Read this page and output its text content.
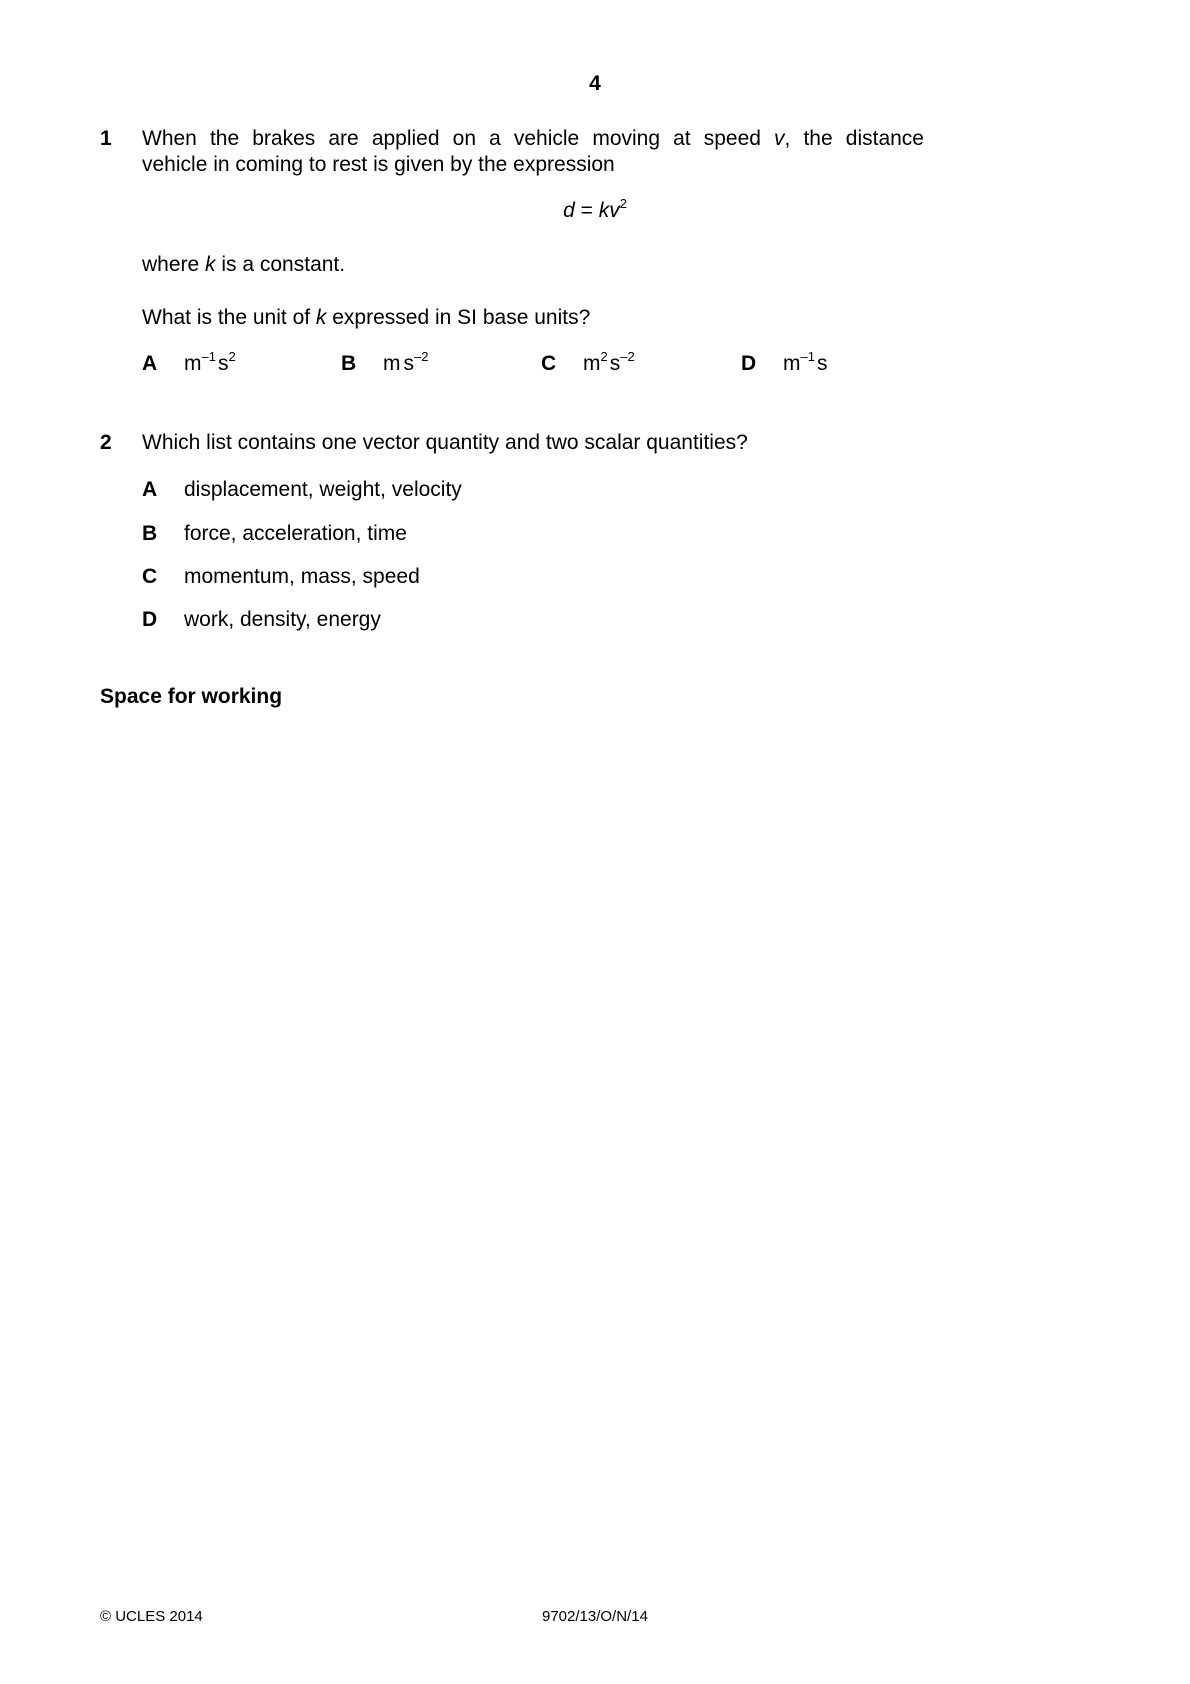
4
1 When the brakes are applied on a vehicle moving at speed v, the distance
vehicle in coming to rest is given by the expression
$d = kv^2$
where k is a constant.
What is the unit of k expressed in SI base units?
A $m^{-1}s^2$	B m $s^{-2}$	C $m^2s^{-2}$	D $m^{-1}s$
2 Which list contains one vector quantity and two scalar quantities?
A displacement, weight, velocity
B force, acceleration, time
C momentum, mass, speed
D work, density, energy
Space for working
© UCLES 2014	9702/13/O/N/14
